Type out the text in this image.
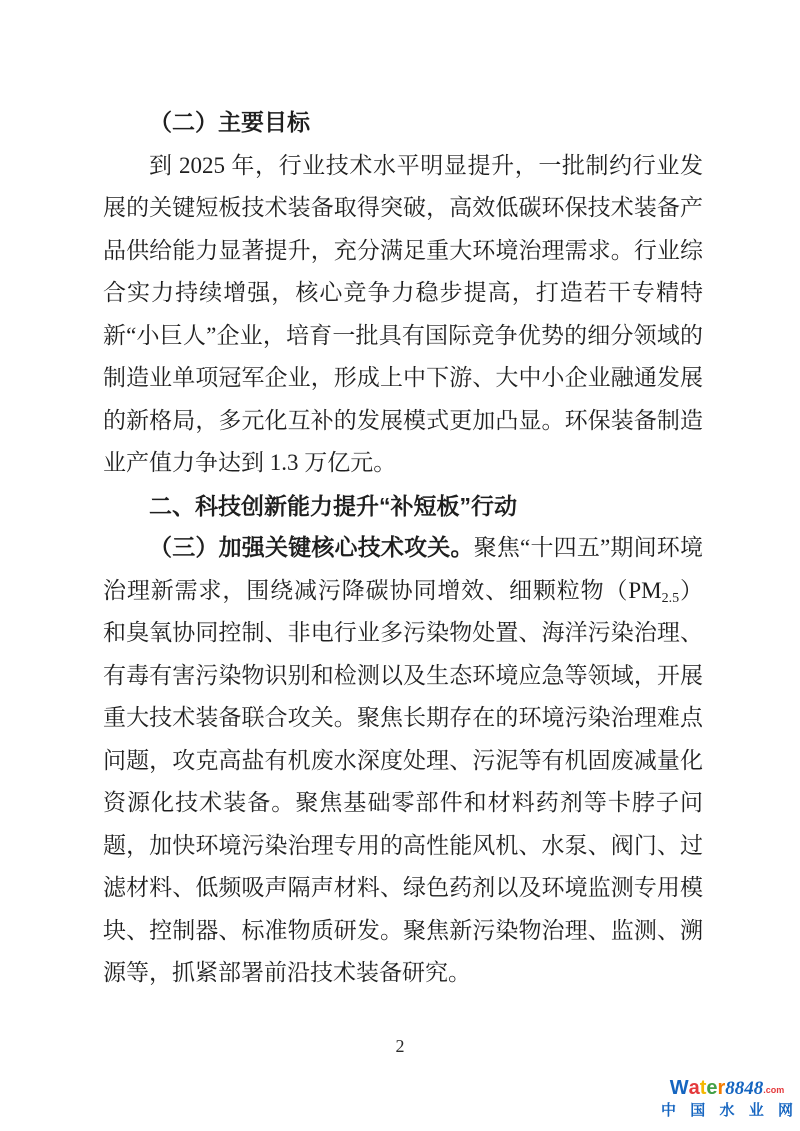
（二）主要目标

到 2025 年，行业技术水平明显提升，一批制约行业发展的关键短板技术装备取得突破，高效低碳环保技术装备产品供给能力显著提升，充分满足重大环境治理需求。行业综合实力持续增强，核心竞争力稳步提高，打造若干专精特新“小巨人”企业，培育一批具有国际竞争优势的细分领域的制造业单项冠军企业，形成上中下游、大中小企业融通发展的新格局，多元化互补的发展模式更加凸显。环保装备制造业产值力争达到 1.3 万亿元。

二、科技创新能力提升“补短板”行动

（三）加强关键核心技术攻关。聚焦“十四五”期间环境治理新需求，围绕减污降碳协同增效、细颗粒物$(PM_{2.5})$和臭氧协同控制、非电行业多污染物处置、海洋污染治理、有毒有害污染物识别和检测以及生态环境应急等领域，开展重大技术装备联合攻关。聚焦长期存在的环境污染治理难点问题，攻克高盐有机废水深度处理、污泥等有机固废减量化资源化技术装备。聚焦基础零部件和材料药剂等卡脖子问题，加快环境污染治理专用的高性能风机、水泵、阀门、过滤材料、低频吸声隔声材料、绿色药剂以及环境监测专用模块、控制器、标准物质研发。聚焦新污染物治理、监测、溯源等，抓紧部署前沿技术装备研究。

2
Water8848.com
中 国 水 业 网
